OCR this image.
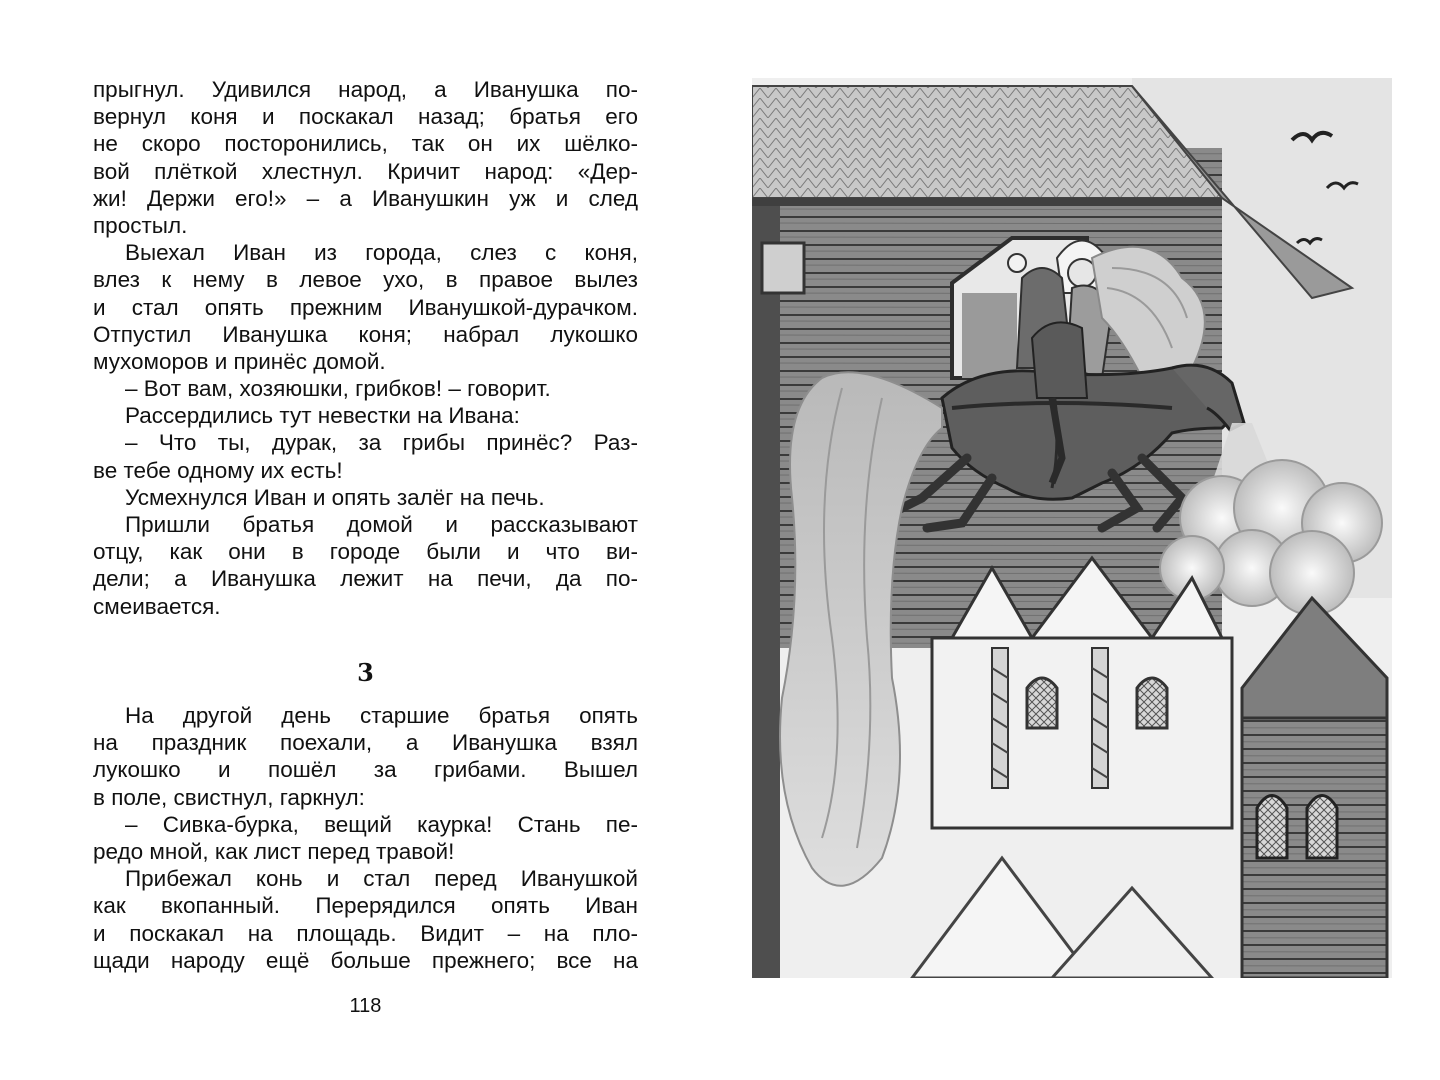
прыгнул. Удивился народ, а Иванушка по-
вернул коня и поскакал назад; братья его
не скоро посторонились, так он их шёлко-
вой плёткой хлестнул. Кричит народ: «Дер-
жи! Держи его!» – а Иванушкин уж и след
простыл.
Выехал Иван из города, слез с коня,
влез к нему в левое ухо, в правое вылез
и стал опять прежним Иванушкой-дурачком.
Отпустил Иванушка коня; набрал лукошко
мухоморов и принёс домой.
– Вот вам, хозяюшки, грибков! – говорит.
Рассердились тут невестки на Ивана:
– Что ты, дурак, за грибы принёс? Раз-
ве тебе одному их есть!
Усмехнулся Иван и опять залёг на печь.
Пришли братья домой и рассказывают
отцу, как они в городе были и что ви-
дели; а Иванушка лежит на печи, да по-
смеивается.
3
На другой день старшие братья опять
на праздник поехали, а Иванушка взял
лукошко и пошёл за грибами. Вышел
в поле, свистнул, гаркнул:
– Сивка-бурка, вещий каурка! Стань пе-
редо мной, как лист перед травой!
Прибежал конь и стал перед Иванушкой
как вкопанный. Перерядился опять Иван
и поскакал на площадь. Видит – на пло-
щади народу ещё больше прежнего; все на
118
